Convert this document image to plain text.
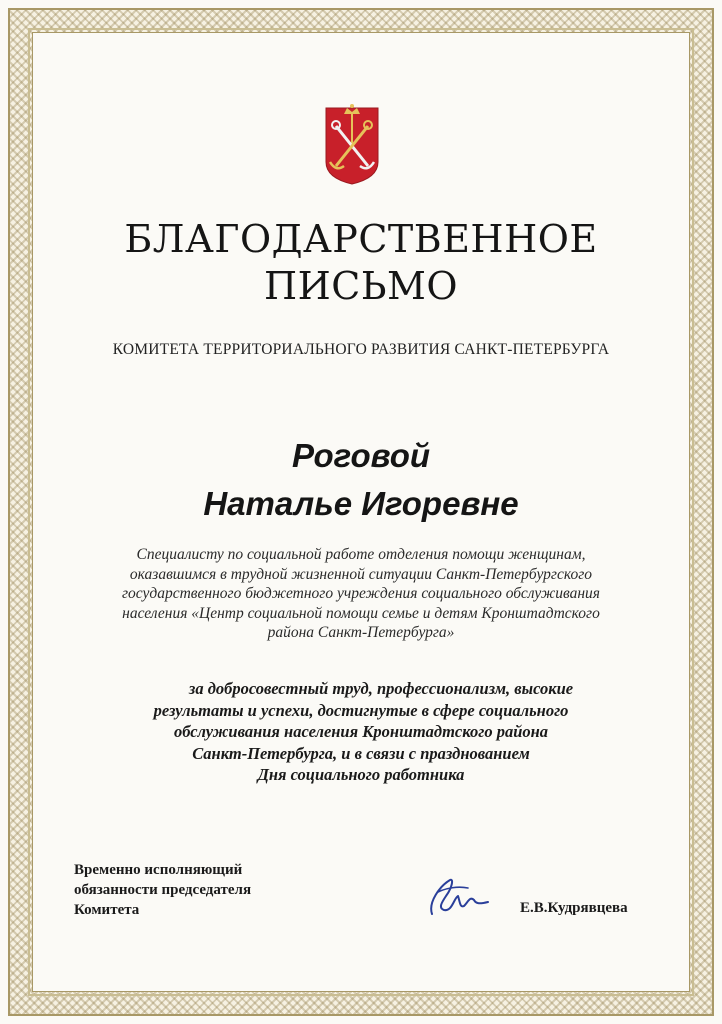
БЛАГОДАРСТВЕННОЕ
ПИСЬМО
КОМИТЕТА ТЕРРИТОРИАЛЬНОГО РАЗВИТИЯ САНКТ-ПЕТЕРБУРГА
Роговой
Наталье Игоревне
Специалисту по социальной работе отделения помощи женщинам,
оказавшимся в трудной жизненной ситуации Санкт-Петербургского
государственного бюджетного учреждения социального обслуживания
населения «Центр социальной помощи семье и детям Кронштадтского
района Санкт-Петербурга»
за добросовестный труд, профессионализм, высокие
результаты и успехи, достигнутые в сфере социального
обслуживания населения Кронштадтского района
Санкт-Петербурга, и в связи с празднованием
Дня социального работника
Временно исполняющий
обязанности председателя
Комитета	Е.В.Кудрявцева
